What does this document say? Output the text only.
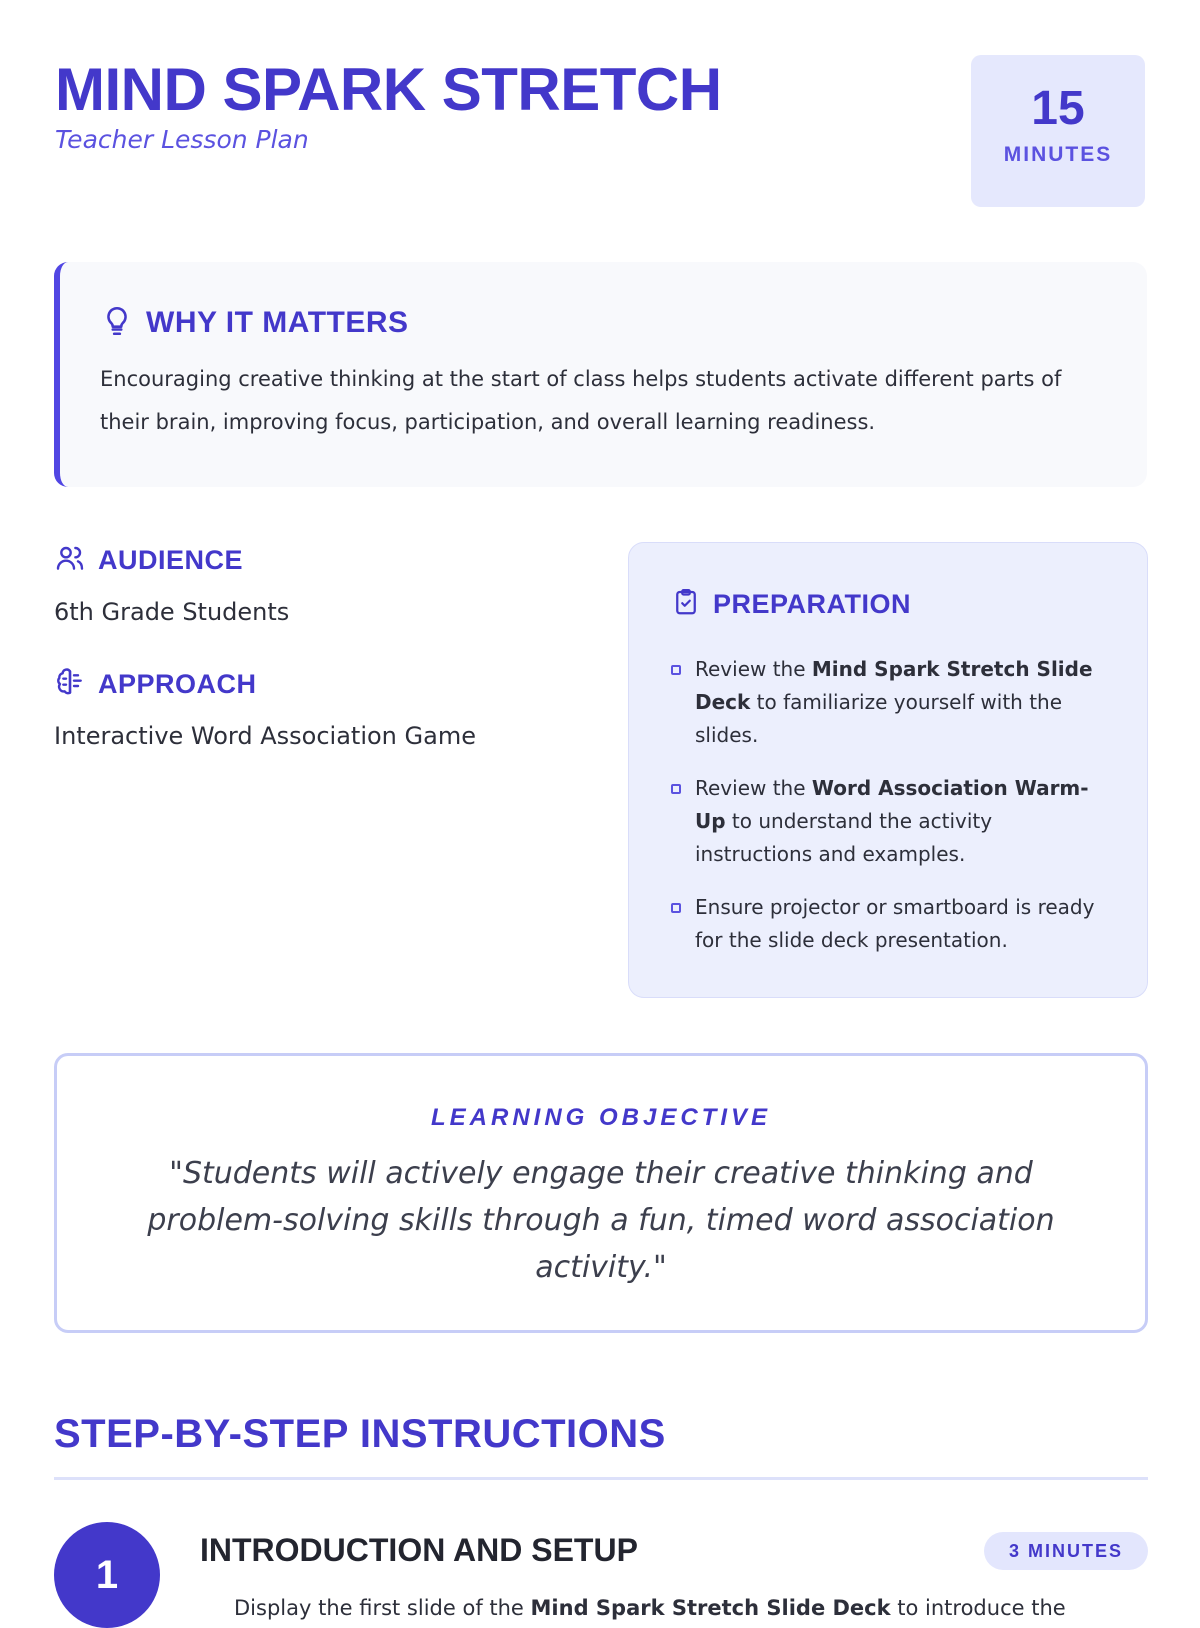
MIND SPARK STRETCH
Teacher Lesson Plan
15
MINUTES
WHY IT MATTERS

Encouraging creative thinking at the start of class helps students activate different parts of their brain, improving focus, participation, and overall learning readiness.

AUDIENCE
6th Grade Students
APPROACH
Interactive Word Association Game
PREPARATION
Review the Mind Spark Stretch Slide Deck to familiarize yourself with the slides.
Review the Word Association Warm-Up to understand the activity instructions and examples.
Ensure projector or smartboard is ready for the slide deck presentation.
LEARNING OBJECTIVE
"Students will actively engage their creative thinking and problem-solving skills through a fun, timed word association activity."
STEP-BY-STEP INSTRUCTIONS
1
INTRODUCTION AND SETUP	3 MINUTES
Display the first slide of the Mind Spark Stretch Slide Deck to introduce the
